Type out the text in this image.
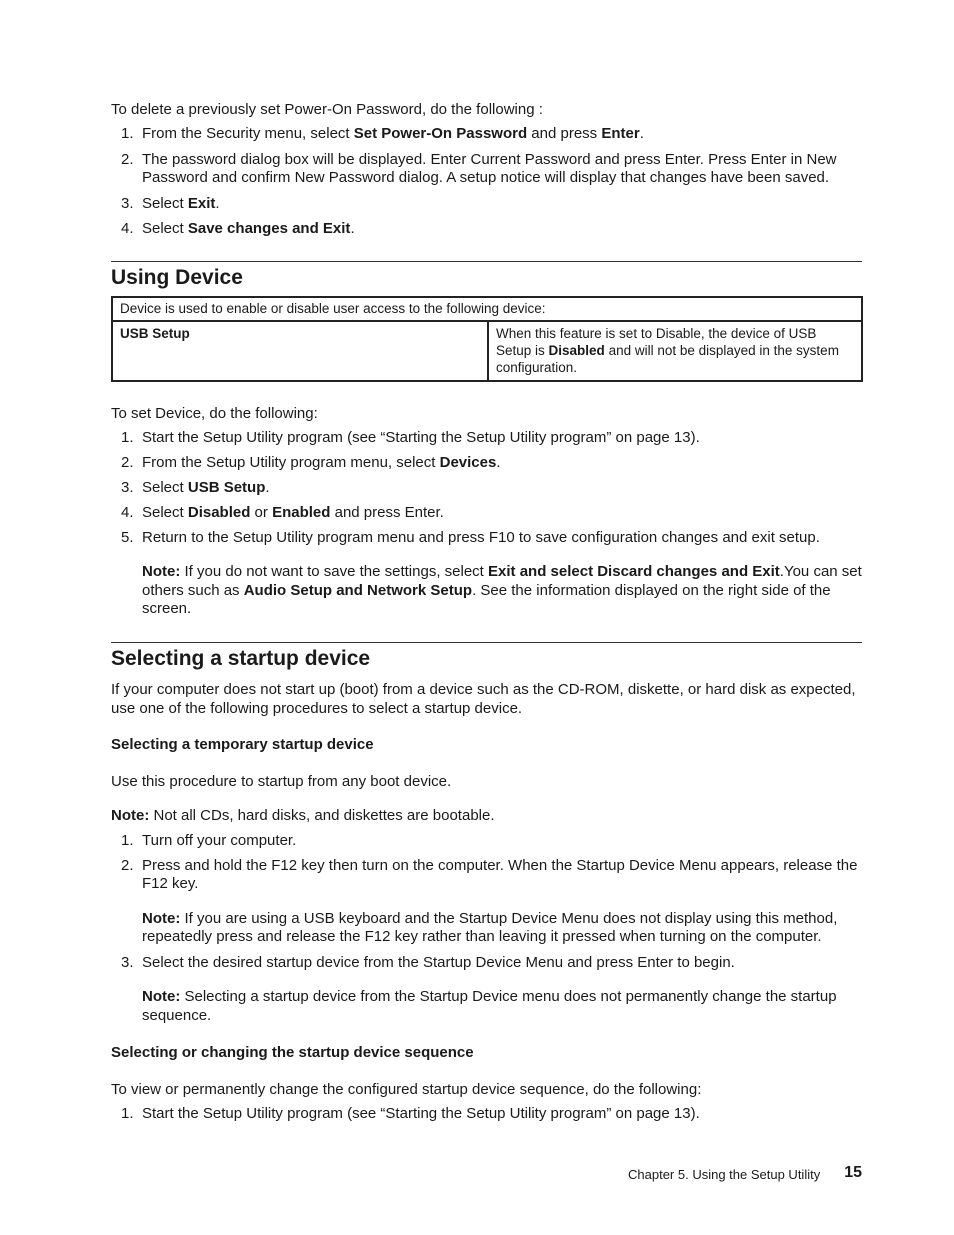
To delete a previously set Power-On Password, do the following :

1. From the Security menu, select Set Power-On Password and press Enter.
2. The password dialog box will be displayed. Enter Current Password and press Enter. Press Enter in New Password and confirm New Password dialog. A setup notice will display that changes have been saved.
3. Select Exit.
4. Select Save changes and Exit.
Using Device
Device is used to enable or disable user access to the following device:
USB Setup	When this feature is set to Disable, the device of USB Setup is Disabled and will not be displayed in the system configuration.

To set Device, do the following:

1. Start the Setup Utility program (see “Starting the Setup Utility program” on page 13).
2. From the Setup Utility program menu, select Devices.
3. Select USB Setup.
4. Select Disabled or Enabled and press Enter.
5. Return to the Setup Utility program menu and press F10 to save configuration changes and exit setup.

Note: If you do not want to save the settings, select Exit and select Discard changes and Exit.You can set others such as Audio Setup and Network Setup. See the information displayed on the right side of the screen.

Selecting a startup device

If your computer does not start up (boot) from a device such as the CD-ROM, diskette, or hard disk as expected, use one of the following procedures to select a startup device.

Selecting a temporary startup device

Use this procedure to startup from any boot device.

Note: Not all CDs, hard disks, and diskettes are bootable.

1. Turn off your computer.
2. Press and hold the F12 key then turn on the computer. When the Startup Device Menu appears, release the F12 key.

Note: If you are using a USB keyboard and the Startup Device Menu does not display using this method, repeatedly press and release the F12 key rather than leaving it pressed when turning on the computer.

3. Select the desired startup device from the Startup Device Menu and press Enter to begin.

Note: Selecting a startup device from the Startup Device menu does not permanently change the startup sequence.

Selecting or changing the startup device sequence

To view or permanently change the configured startup device sequence, do the following:

1. Start the Setup Utility program (see “Starting the Setup Utility program” on page 13).
Chapter 5. Using the Setup Utility 15
